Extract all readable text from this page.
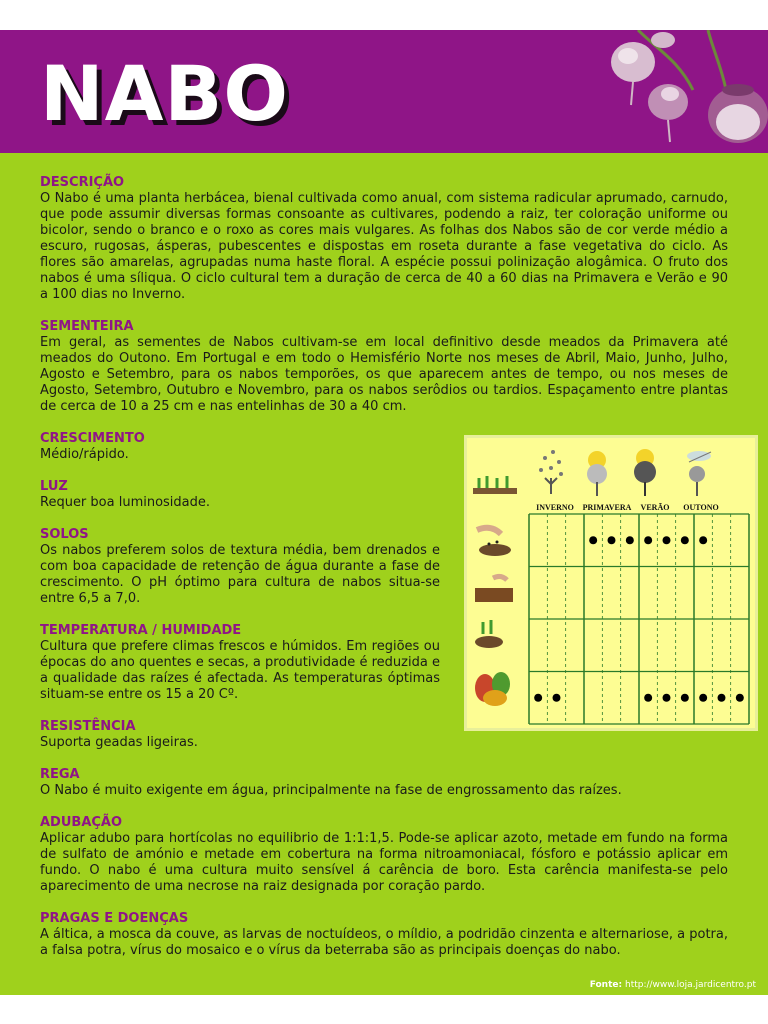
NABO
DESCRIÇÃO
O Nabo é uma planta herbácea, bienal cultivada como anual, com sistema radicular aprumado, carnudo, que pode assumir diversas formas consoante as cultivares, podendo a raiz, ter coloração uniforme ou bicolor, sendo o branco e o roxo as cores mais vulgares. As folhas dos Nabos são de cor verde médio a escuro, rugosas, ásperas, pubescentes e dispostas em roseta durante a fase vegetativa do ciclo. As flores são amarelas, agrupadas numa haste floral. A espécie possui polinização alogâmica. O fruto dos nabos é uma síliqua. O ciclo cultural tem a duração de cerca de 40 a 60 dias na Primavera e Verão e 90 a 100 dias no Inverno.
SEMENTEIRA
Em geral, as sementes de Nabos cultivam-se em local definitivo desde meados da Primavera até meados do Outono. Em Portugal e em todo o Hemisfério Norte nos meses de Abril, Maio, Junho, Julho, Agosto e Setembro, para os nabos temporões, os que aparecem antes de tempo, ou nos meses de Agosto, Setembro, Outubro e Novembro, para os nabos serôdios ou tardios. Espaçamento entre plantas de cerca de 10 a 25 cm e nas entelinhas de 30 a 40 cm.
CRESCIMENTO
Médio/rápido.
LUZ
Requer boa luminosidade.
SOLOS
Os nabos preferem solos de textura média, bem drenados e com boa capacidade de retenção de água durante a fase de crescimento. O pH óptimo para cultura de nabos situa-se entre 6,5 a 7,0.
TEMPERATURA / HUMIDADE
Cultura que prefere climas frescos e húmidos. Em regiões ou épocas do ano quentes e secas, a produtividade é reduzida e a qualidade das raízes é afectada. As temperaturas óptimas situam-se entre os 15 a 20 Cº.
RESISTÊNCIA
Suporta geadas ligeiras.
REGA
O Nabo é muito exigente em água, principalmente na fase de engrossamento das raízes.
ADUBAÇÃO
Aplicar adubo para hortícolas no equilibrio de 1:1:1,5. Pode-se aplicar azoto, metade em fundo na forma de sulfato de amónio e metade em cobertura na forma nitroamoniacal, fósforo e potássio aplicar em fundo. O nabo é uma cultura muito sensível á carência de boro. Esta carência manifesta-se pelo aparecimento de uma necrose na raiz designada por coração pardo.
PRAGAS E DOENÇAS
A áltica, a mosca da couve, as larvas de noctuídeos, o míldio, a podridão cinzenta e alternariose, a potra, a falsa potra, vírus do mosaico e o vírus da beterraba são as principais doenças do nabo.
INVERNO PRIMAVERA VERÃO OUTONO
Fonte: http://www.loja.jardicentro.pt
